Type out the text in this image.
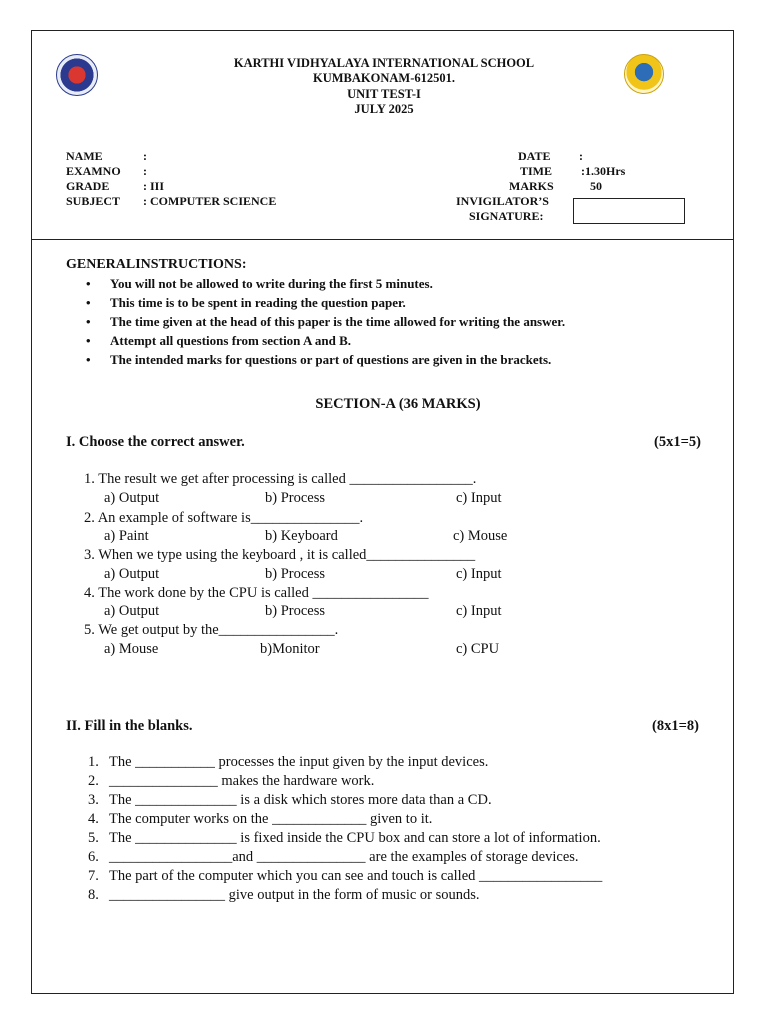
KARTHI VIDHYALAYA INTERNATIONAL SCHOOL
KUMBAKONAM-612501.
UNIT TEST-I
JULY 2025
NAME	:
EXAMNO :
GRADE	: III
SUBJECT : COMPUTER SCIENCE
DATE :
TIME :1.30Hrs
MARKS	50
INVIGILATOR’S
SIGNATURE:
GENERALINSTRUCTIONS:
• You will not be allowed to write during the first 5 minutes.
• This time is to be spent in reading the question paper.
• The time given at the head of this paper is the time allowed for writing the answer.
• Attempt all questions from section A and B.
• The intended marks for questions or part of questions are given in the brackets.
SECTION-A (36 MARKS)
I. Choose the correct answer.	(5x1=5)
1. The result we get after processing is called _________________.
a) Output	b) Process	c) Input
2. An example of software is_______________.
a) Paint	b) Keyboard	c) Mouse
3. When we type using the keyboard , it is called_______________
a) Output	b) Process	c) Input
4. The work done by the CPU is called ________________
a) Output	b) Process	c) Input
5. We get output by the________________.
a) Mouse	b)Monitor	c) CPU
II. Fill in the blanks.	(8x1=8)
1. The ___________ processes the input given by the input devices.
2. _______________ makes the hardware work.
3. The ______________ is a disk which stores more data than a CD.
4. The computer works on the _____________ given to it.
5. The ______________ is fixed inside the CPU box and can store a lot of information.
6. _________________and _______________ are the examples of storage devices.
7. The part of the computer which you can see and touch is called _________________
8. ________________ give output in the form of music or sounds.
